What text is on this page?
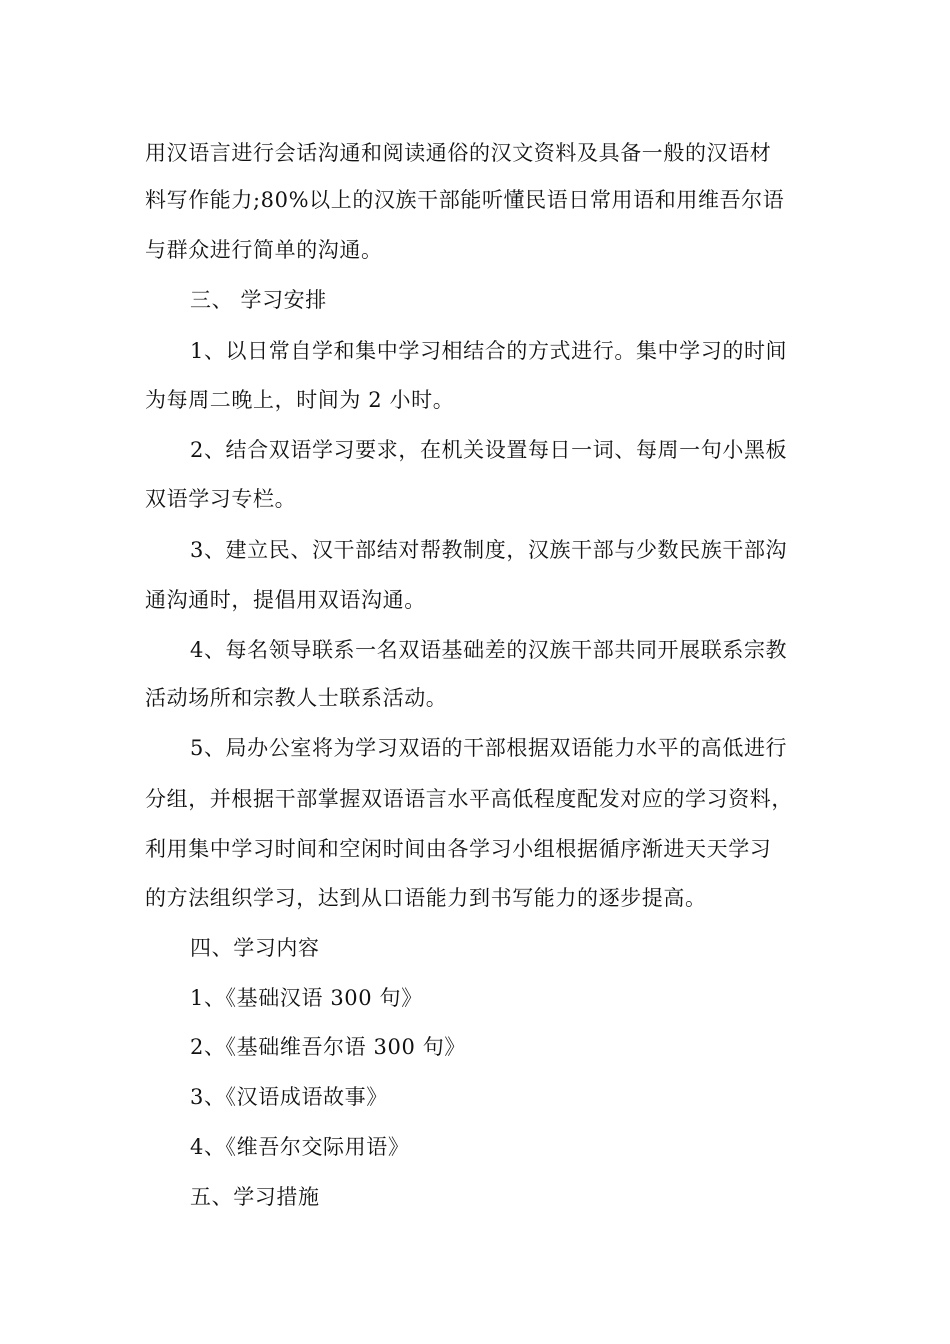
用汉语言进行会话沟通和阅读通俗的汉文资料及具备一般的汉语材
料写作能力;80%以上的汉族干部能听懂民语日常用语和用维吾尔语
与群众进行简单的沟通。
三、 学习安排
1、以日常自学和集中学习相结合的方式进行。集中学习的时间
为每周二晚上，时间为 2 小时。
2、结合双语学习要求，在机关设置每日一词、每周一句小黑板
双语学习专栏。
3、建立民、汉干部结对帮教制度，汉族干部与少数民族干部沟
通沟通时，提倡用双语沟通。
4、每名领导联系一名双语基础差的汉族干部共同开展联系宗教
活动场所和宗教人士联系活动。
5、局办公室将为学习双语的干部根据双语能力水平的高低进行
分组，并根据干部掌握双语语言水平高低程度配发对应的学习资料，
利用集中学习时间和空闲时间由各学习小组根据循序渐进天天学习
的方法组织学习，达到从口语能力到书写能力的逐步提高。
四、学习内容
1、《基础汉语 300 句》
2、《基础维吾尔语 300 句》
3、《汉语成语故事》
4、《维吾尔交际用语》
五、学习措施
